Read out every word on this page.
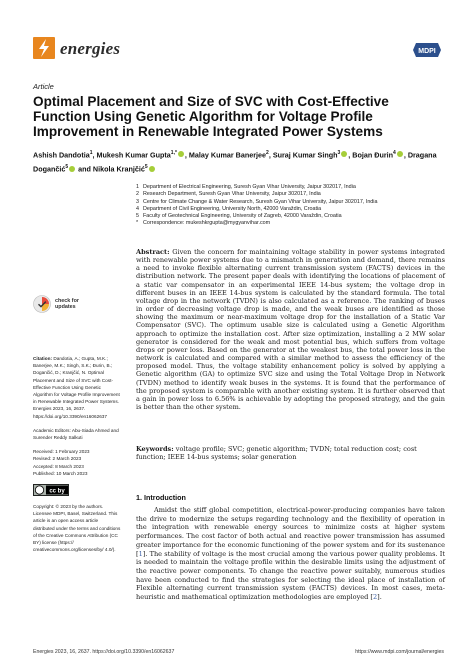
energies	MDPI
Article
Optimal Placement and Size of SVC with Cost-Effective Function Using Genetic Algorithm for Voltage Profile Improvement in Renewable Integrated Power Systems
Ashish Dandotia$^1$, Mukesh Kumar Gupta$^{1,*}$ , Malay Kumar Banerjee$^2$, Suraj Kumar Singh$^3$ , Bojan Đurin$^4$ , Dragana Dogančić$^5$ and Nikola Kranjčić$^5$
1 Department of Electrical Engineering, Suresh Gyan Vihar University, Jaipur 302017, India
2 Research Department, Suresh Gyan Vihar University, Jaipur 302017, India
3 Centre for Climate Change & Water Research, Suresh Gyan Vihar University, Jaipur 302017, India
4 Department of Civil Engineering, University North, 42000 Varaždin, Croatia
5 Faculty of Geotechnical Engineering, University of Zagreb, 42000 Varaždin, Croatia
* Correspondence: mukeshkrgupta@mygyanvihar.com
check for
updates
Citation: Dandotia, A.; Gupta, M.K.; Banerjee, M.K.; Singh, S.K.; Đurin, B.; Dogančić, D.; Kranjčić, N. Optimal Placement and Size of SVC with Cost-Effective Function Using Genetic Algorithm for Voltage Profile Improvement in Renewable Integrated Power Systems. Energies 2023, 16, 2637. https://doi.org/10.3390/en16062637
Academic Editors: Abu-Siada Ahmed and Surender Reddy Salkuti
Received: 1 February 2023
Revised: 2 March 2023
Accepted: 8 March 2023
Published: 10 March 2023
cc by
Copyright: © 2023 by the authors. Licensee MDPI, Basel, Switzerland. This article is an open access article distributed under the terms and conditions of the Creative Commons Attribution (CC BY) license (https:// creativecommons.org/licenses/by/ 4.0/).
Abstract: Given the concern for maintaining voltage stability in power systems integrated with renewable power systems due to a mismatch in generation and demand, there remains a need to invoke flexible alternating current transmission system (FACTS) devices in the distribution network. The present paper deals with identifying the locations of placement of a static var compensator in an experimental IEEE 14-bus system; the voltage drop in different buses in an IEEE 14-bus system is calculated by the standard formula. The total voltage drop in the network (TVDN) is also calculated as a reference. The ranking of buses in order of decreasing voltage drop is made, and the weak buses are identified as those showing the maximum or near-maximum voltage drop for the installation of a Static Var Compensator (SVC). The optimum usable size is calculated using a Genetic Algorithm approach to optimize the installation cost. After size optimization, installing a 2 MW solar generator is considered for the weak and most potential bus, which suffers from voltage drops or power loss. Based on the generator at the weakest bus, the total power loss in the network is calculated and compared with a similar method to assess the efficiency of the proposed model. Thus, the voltage stability enhancement policy is solved by applying a Genetic algorithm (GA) to optimize SVC size and using the Total Voltage Drop in Network (TVDN) method to identify weak buses in the systems. It is found that the performance of the proposed system is comparable with another existing system. It is further observed that a gain in power loss to 6.56% is achievable by adopting the proposed strategy, and the gain is better than the other system.
Keywords: voltage profile; SVC; genetic algorithm; TVDN; total reduction cost; cost function; IEEE 14-bus systems; solar generation
1. Introduction
Amidst the stiff global competition, electrical-power-producing companies have taken the drive to modernize the setups regarding technology and the flexibility of operation in the integration with renewable energy sources to minimize costs at higher system performances. The cost factor of both actual and reactive power transmission has assumed greater importance for the economic functioning of the power system and for its sustenance [1]. The stability of voltage is the most crucial among the various power quality problems. It is needed to maintain the voltage profile within the desirable limits using the adjustment of the reactive power components. To change the reactive power suitably, numerous studies have been conducted to find the strategies for selecting the ideal place of installation of Flexible alternating current transmission system (FACTS) devices. In most cases, meta-heuristic and mathematical optimization methodologies are employed [2].
Energies 2023, 16, 2637. https://doi.org/10.3390/en16062637	https://www.mdpi.com/journal/energies
